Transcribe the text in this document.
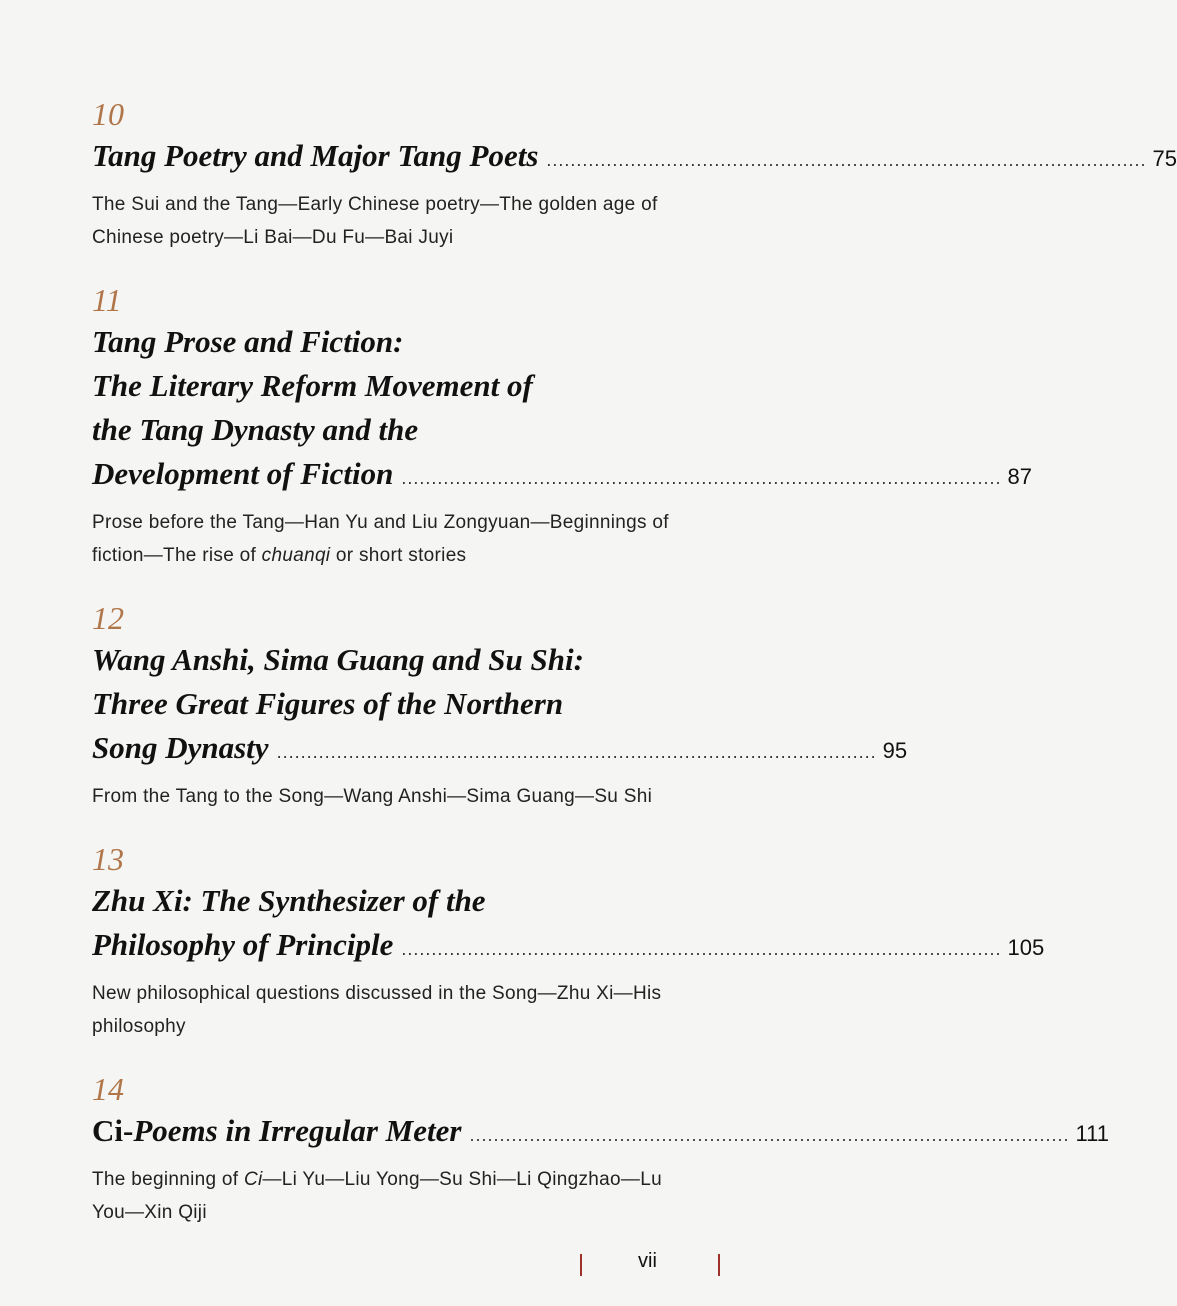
10
Tang Poetry and Major Tang Poets .................................................................................................... 75
The Sui and the Tang—Early Chinese poetry—The golden age of Chinese poetry—Li Bai—Du Fu—Bai Juyi
11
Tang Prose and Fiction:
The Literary Reform Movement of
the Tang Dynasty and the
Development of Fiction .................................................................................................... 87
Prose before the Tang—Han Yu and Liu Zongyuan—Beginnings of fiction—The rise of chuanqi or short stories
12
Wang Anshi, Sima Guang and Su Shi:
Three Great Figures of the Northern
Song Dynasty .................................................................................................... 95
From the Tang to the Song—Wang Anshi—Sima Guang—Su Shi
13
Zhu Xi: The Synthesizer of the
Philosophy of Principle .................................................................................................... 105
New philosophical questions discussed in the Song—Zhu Xi—His philosophy
14
Ci-Poems in Irregular Meter .................................................................................................... 111
The beginning of Ci—Li Yu—Liu Yong—Su Shi—Li Qingzhao—Lu You—Xin Qiji
vii
